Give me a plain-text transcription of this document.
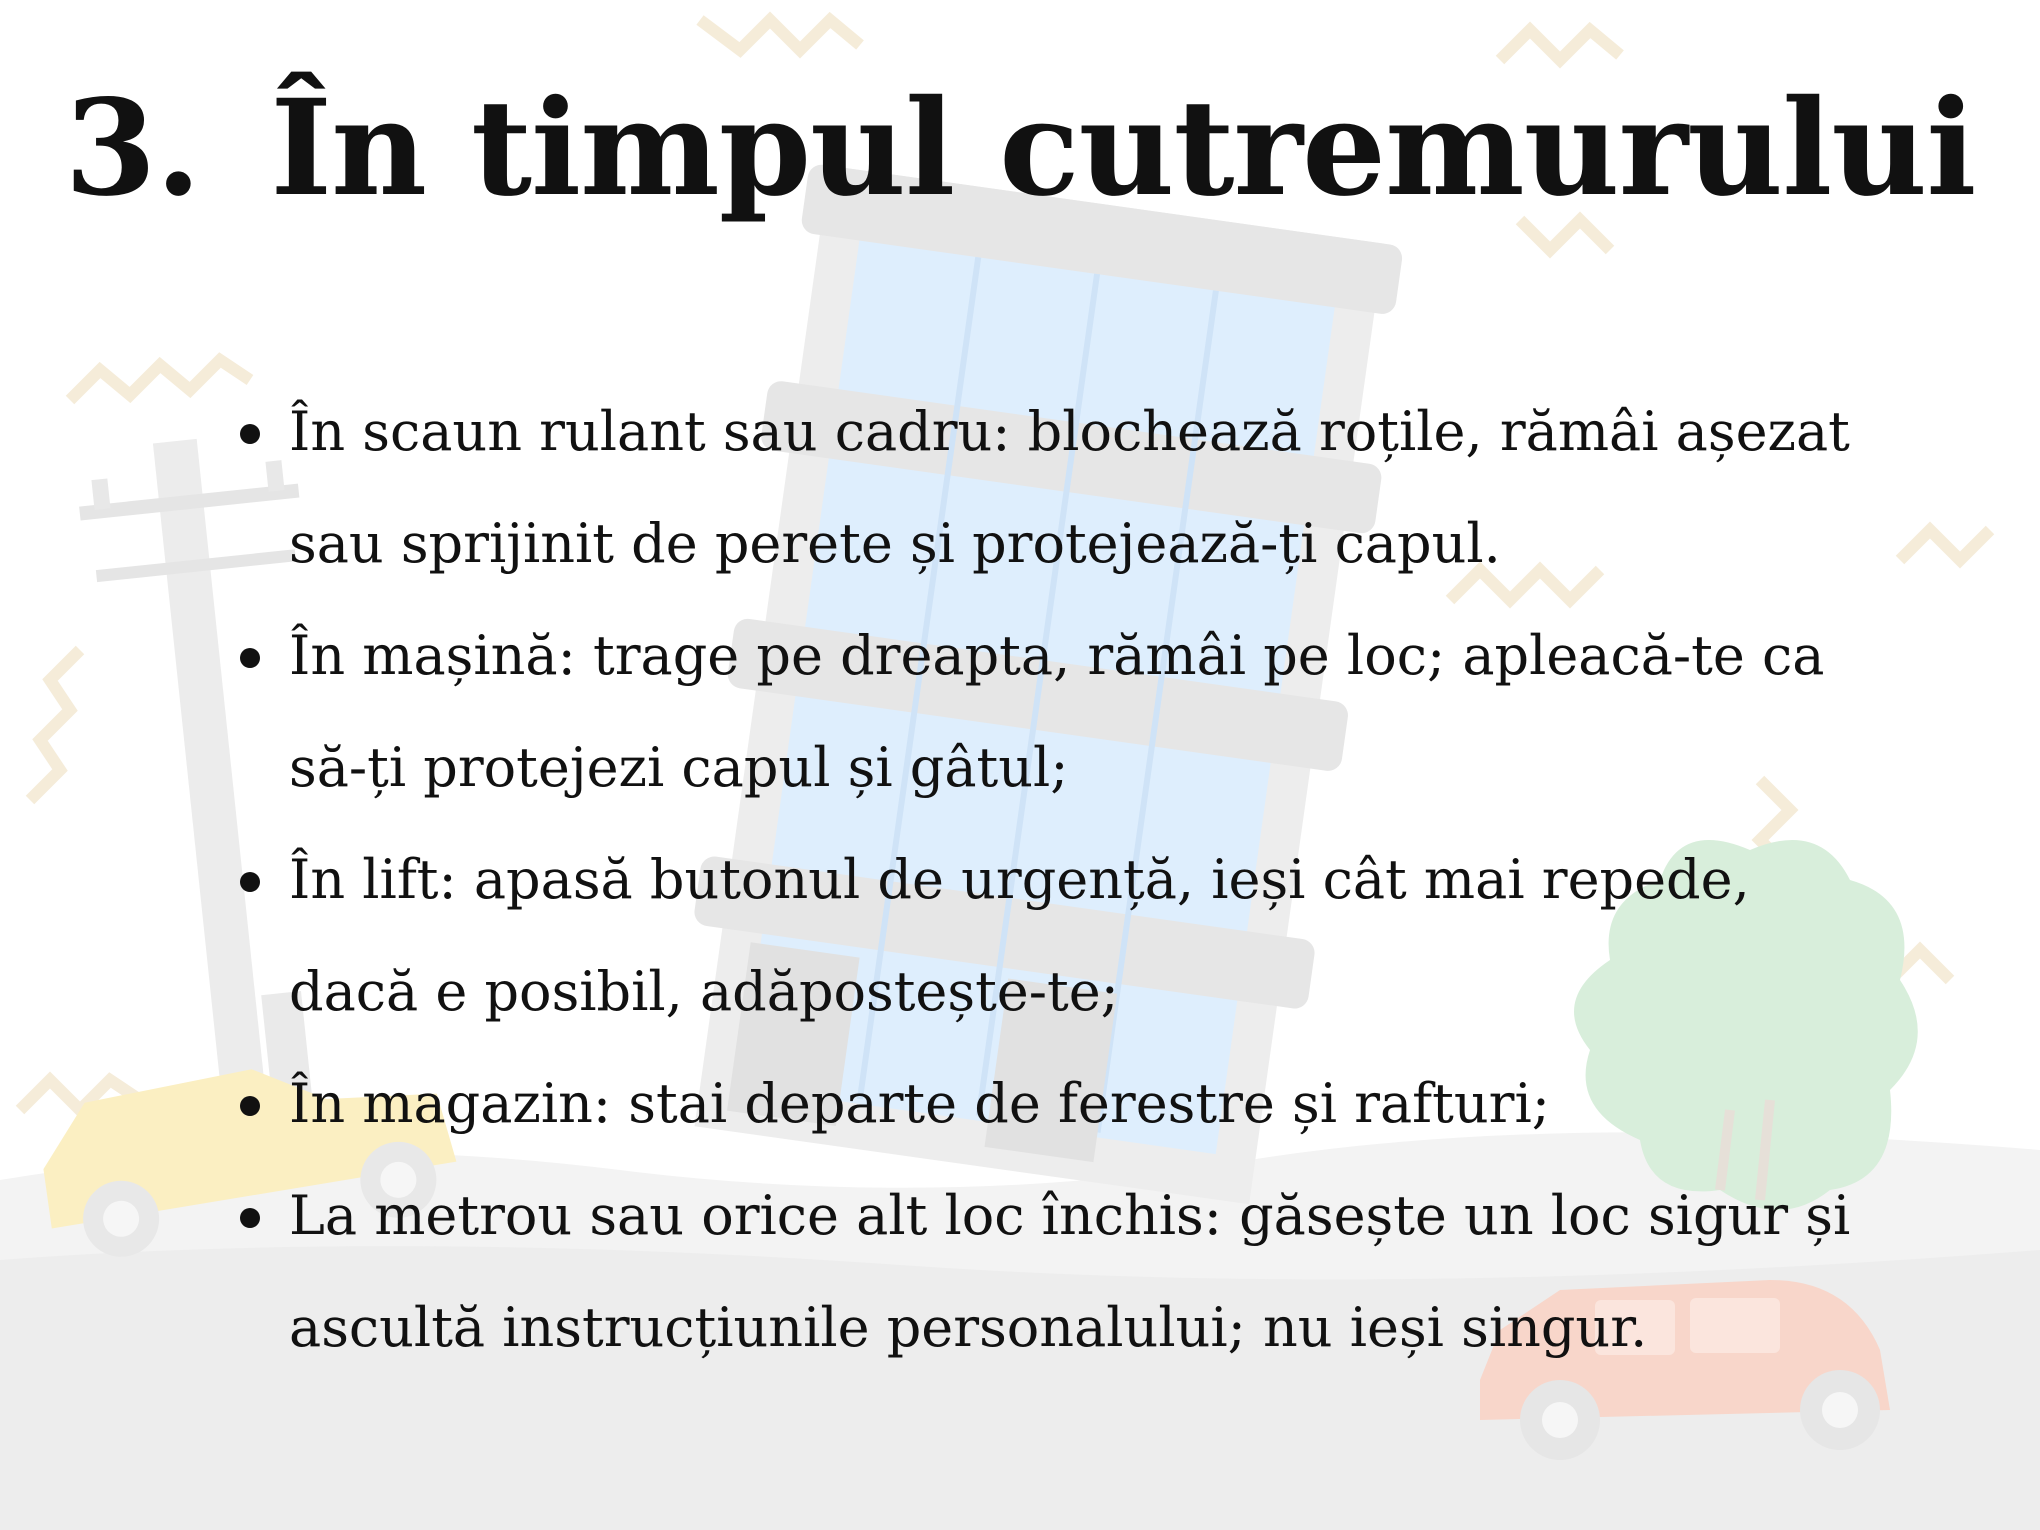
3. În timpul cutremurului
În scaun rulant sau cadru: blochează roțile, rămâi așezat sau sprijinit de perete și protejează-ți capul.
În mașină: trage pe dreapta, rămâi pe loc; apleacă-te ca să-ți protejezi capul și gâtul;
În lift: apasă butonul de urgență, ieși cât mai repede, dacă e posibil, adăpostește-te;
În magazin: stai departe de ferestre și rafturi;
La metrou sau orice alt loc închis: găsește un loc sigur și ascultă instrucțiunile personalului; nu ieși singur.
